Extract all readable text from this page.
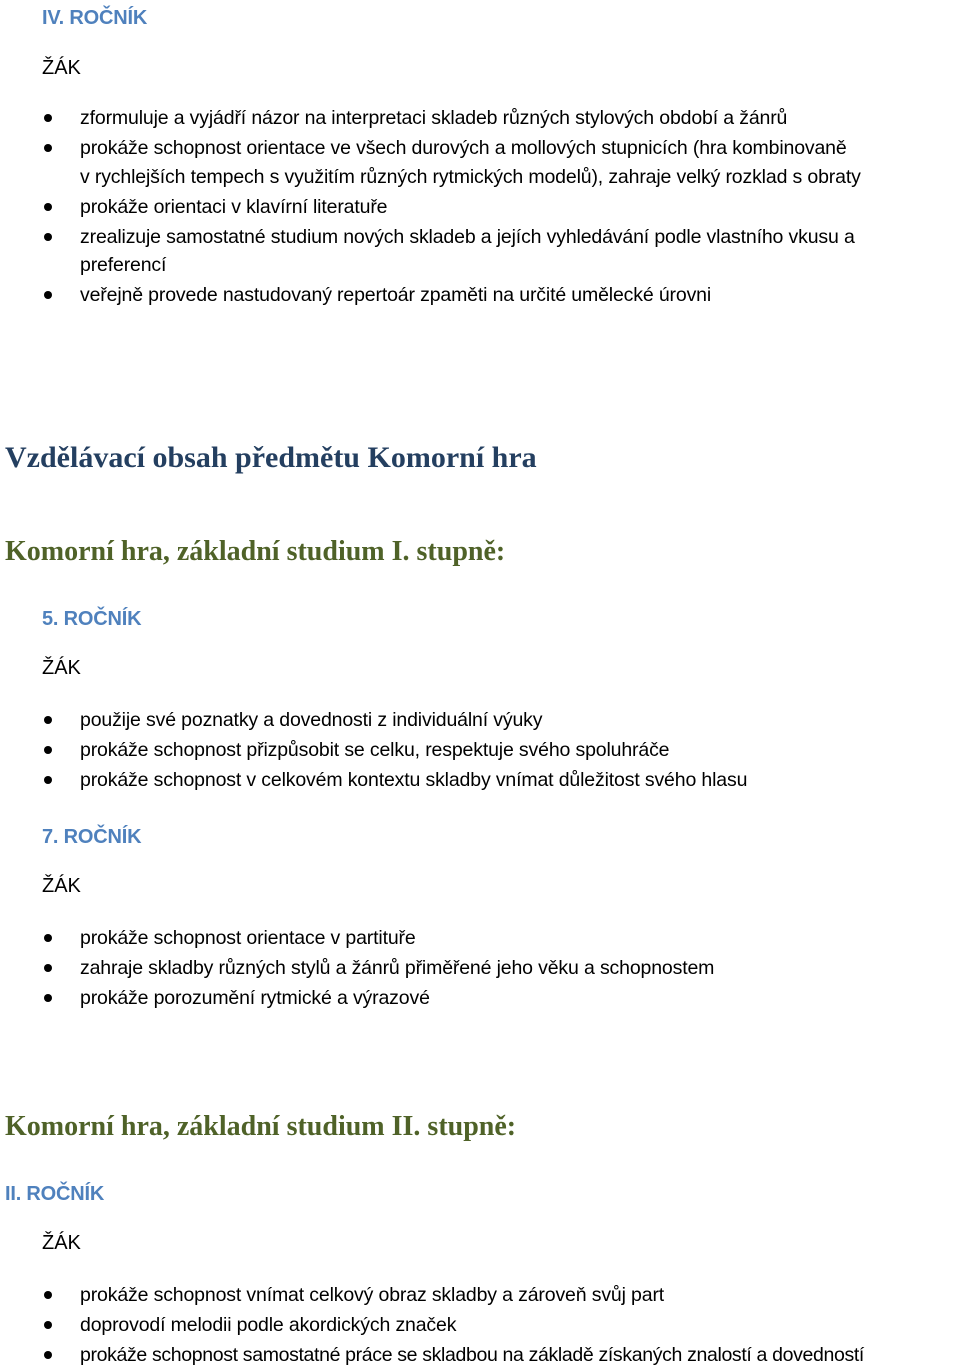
IV. ROČNÍK
ŽÁK
zformuluje a vyjádří názor na interpretaci skladeb různých stylových období a žánrů
prokáže schopnost orientace ve všech durových a mollových stupnicích (hra kombinovaně
v rychlejších tempech s využitím různých rytmických modelů), zahraje velký rozklad s obraty
prokáže orientaci v klavírní literatuře
zrealizuje samostatné studium nových skladeb a jejích vyhledávání podle vlastního vkusu a
preferencí
veřejně provede nastudovaný repertoár zpaměti na určité umělecké úrovni
Vzdělávací obsah předmětu Komorní hra
Komorní hra, základní studium I. stupně:
5. ROČNÍK
ŽÁK
použije své poznatky a dovednosti z individuální výuky
prokáže schopnost přizpůsobit se celku, respektuje svého spoluhráče
prokáže schopnost v celkovém kontextu skladby vnímat důležitost svého hlasu
7. ROČNÍK
ŽÁK
prokáže schopnost orientace v partituře
zahraje skladby různých stylů a žánrů přiměřené jeho věku a schopnostem
prokáže porozumění rytmické a výrazové
Komorní hra, základní studium II. stupně:
II. ROČNÍK
ŽÁK
prokáže schopnost vnímat celkový obraz skladby a zároveň svůj part
doprovodí melodii podle akordických značek
prokáže schopnost samostatné práce se skladbou na základě získaných znalostí a dovedností
